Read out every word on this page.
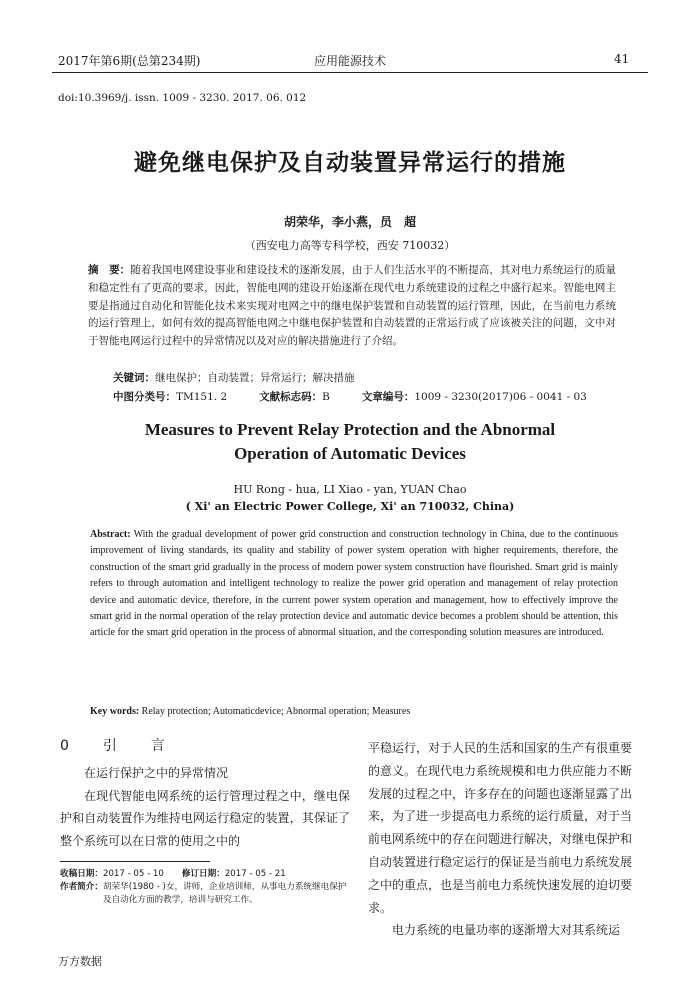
2017年第6期(总第234期)	应用能源技术	41
doi:10.3969/j. issn. 1009 - 3230. 2017. 06. 012
避免继电保护及自动装置异常运行的措施
胡荣华，李小燕，员　超
（西安电力高等专科学校，西安 710032）
摘　要：随着我国电网建设事业和建设技术的逐渐发展，由于人们生活水平的不断提高，其对电力系统运行的质量和稳定性有了更高的要求，因此，智能电网的建设开始逐渐在现代电力系统建设的过程之中盛行起来。智能电网主要是指通过自动化和智能化技术来实现对电网之中的继电保护装置和自动装置的运行管理，因此，在当前电力系统的运行管理上，如何有效的提高智能电网之中继电保护装置和自动装置的正常运行成了应该被关注的问题，文中对于智能电网运行过程中的异常情况以及对应的解决措施进行了介绍。
关键词：继电保护；自动装置；异常运行；解决措施
中图分类号：TM151. 2	文献标志码：B	文章编号：1009 - 3230(2017)06 - 0041 - 03
Measures to Prevent Relay Protection and the Abnormal
Operation of Automatic Devices
HU Rong - hua, LI Xiao - yan, YUAN Chao
( Xi' an Electric Power College, Xi' an 710032, China)
Abstract: With the gradual development of power grid construction and construction technology in China, due to the continuous improvement of living standards, its quality and stability of power system operation with higher requirements, therefore, the construction of the smart grid gradually in the process of modern power system construction have flourished. Smart grid is mainly refers to through automation and intelligent technology to realize the power grid operation and management of relay protection device and automatic device, therefore, in the current power system operation and management, how to effectively improve the smart grid in the normal operation of the relay protection device and automatic device becomes a problem should be attention, this article for the smart grid operation in the process of abnormal situation, and the corresponding solution measures are introduced.
Key words: Relay protection; Automaticdevice; Abnormal operation; Measures

0　引　言

在运行保护之中的异常情况

在现代智能电网系统的运行管理过程之中，继电保护和自动装置作为维持电网运行稳定的装置，其保证了整个系统可以在日常的使用之中的

平稳运行，对于人民的生活和国家的生产有很重要的意义。在现代电力系统规模和电力供应能力不断发展的过程之中，许多存在的问题也逐渐显露了出来，为了进一步提高电力系统的运行质量，对于当前电网系统中的存在问题进行解决，对继电保护和自动装置进行稳定运行的保证是当前电力系统发展之中的重点，也是当前电力系统快速发展的迫切要求。

电力系统的电量功率的逐渐增大对其系统运

收稿日期： 2017 - 05 - 10 修订日期： 2017 - 05 - 21
作者简介： 胡荣华(1980 - )女，讲师，企业培训师，从事电力系统继电保护及自动化方面的教学，培训与研究工作。
万方数据
